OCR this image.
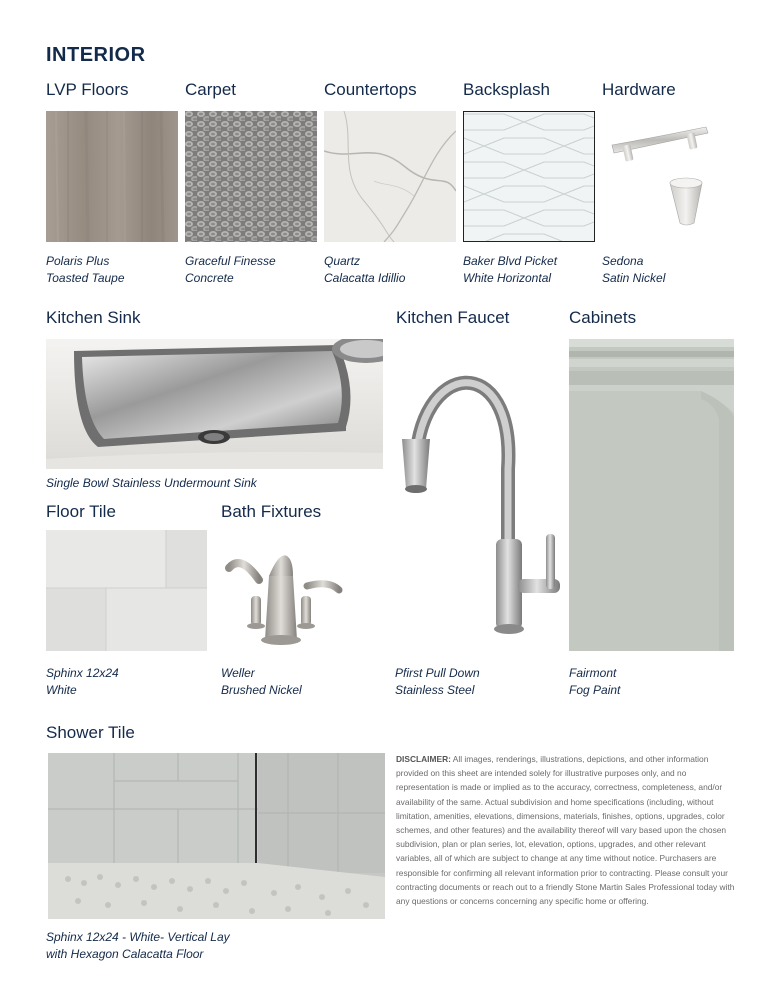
INTERIOR
LVP Floors	Carpet	Countertops	Backsplash	Hardware
Polaris Plus
Toasted Taupe
Graceful Finesse
Concrete
Quartz
Calacatta Idillio
Baker Blvd Picket
White Horizontal
Sedona
Satin Nickel
Kitchen Sink	Kitchen Faucet	Cabinets
Single Bowl Stainless Undermount Sink
Pfirst Pull Down
Stainless Steel
Fairmont
Fog Paint
Floor Tile	Bath Fixtures
Sphinx 12x24
White
Weller
Brushed Nickel
Shower Tile
Sphinx 12x24 - White- Vertical Lay
with Hexagon Calacatta Floor
DISCLAIMER: All images, renderings, illustrations, depictions, and other information provided on this sheet are intended solely for illustrative purposes only, and no representation is made or implied as to the accuracy, correctness, completeness, and/or availability of the same. Actual subdivision and home specifications (including, without limitation, amenities, elevations, dimensions, materials, finishes, options, upgrades, color schemes, and other features) and the availability thereof will vary based upon the chosen subdivision, plan or plan series, lot, elevation, options, upgrades, and other relevant variables, all of which are subject to change at any time without notice. Purchasers are responsible for confirming all relevant information prior to contracting. Please consult your contracting documents or reach out to a friendly Stone Martin Sales Professional today with any questions or concerns concerning any specific home or offering.
